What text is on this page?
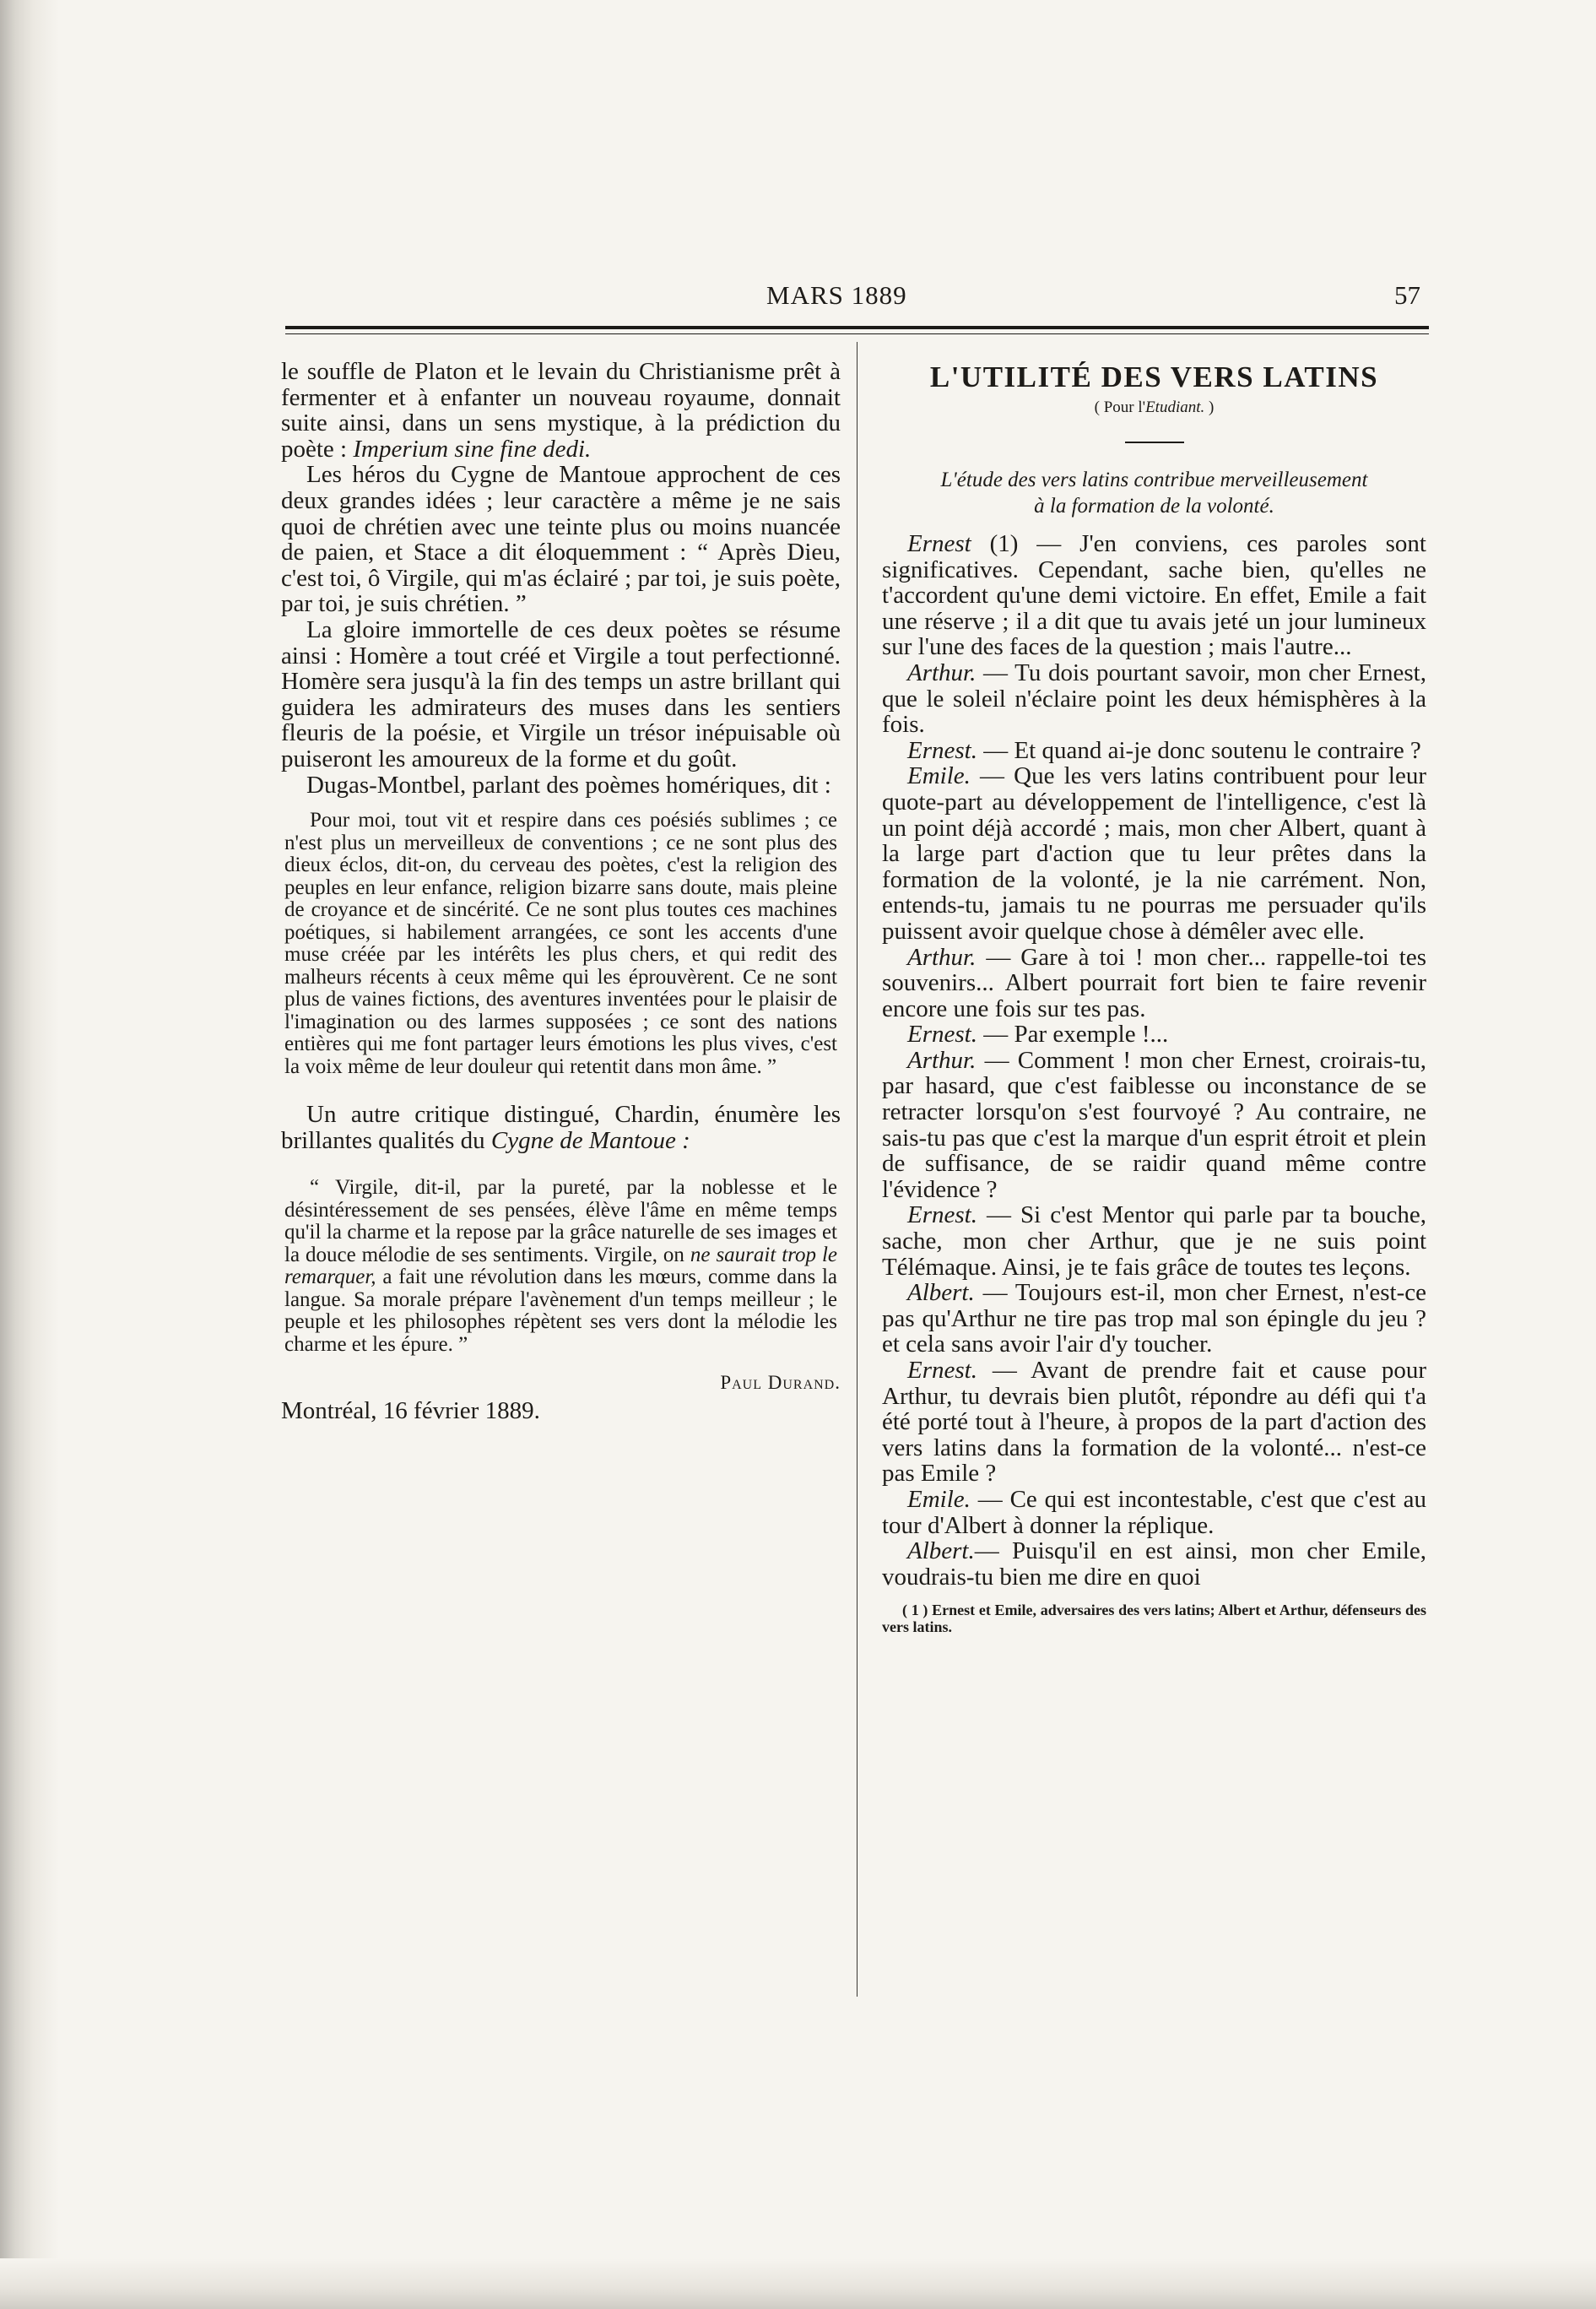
MARS 1889	57

le souffle de Platon et le levain du Christianisme prêt à fermenter et à enfanter un nouveau royaume, donnait suite ainsi, dans un sens mystique, à la prédiction du poète : Imperium sine fine dedi.

Les héros du Cygne de Mantoue approchent de ces deux grandes idées ; leur caractère a même je ne sais quoi de chrétien avec une teinte plus ou moins nuancée de paien, et Stace a dit éloquemment : “ Après Dieu, c'est toi, ô Virgile, qui m'as éclairé ; par toi, je suis poète, par toi, je suis chrétien. ”

La gloire immortelle de ces deux poètes se résume ainsi : Homère a tout créé et Virgile a tout perfectionné. Homère sera jusqu'à la fin des temps un astre brillant qui guidera les admirateurs des muses dans les sentiers fleuris de la poésie, et Virgile un trésor inépuisable où puiseront les amoureux de la forme et du goût.

Dugas-Montbel, parlant des poèmes homériques, dit :

Pour moi, tout vit et respire dans ces poésiés sublimes ; ce n'est plus un merveilleux de conventions ; ce ne sont plus des dieux éclos, dit-on, du cerveau des poètes, c'est la religion des peuples en leur enfance, religion bizarre sans doute, mais pleine de croyance et de sincérité. Ce ne sont plus toutes ces machines poétiques, si habilement arrangées, ce sont les accents d'une muse créée par les intérêts les plus chers, et qui redit des malheurs récents à ceux même qui les éprouvèrent. Ce ne sont plus de vaines fictions, des aventures inventées pour le plaisir de l'imagination ou des larmes supposées ; ce sont des nations entières qui me font partager leurs émotions les plus vives, c'est la voix même de leur douleur qui retentit dans mon âme. ”

Un autre critique distingué, Chardin, énumère les brillantes qualités du Cygne de Mantoue :

“ Virgile, dit-il, par la pureté, par la noblesse et le désintéressement de ses pensées, élève l'âme en même temps qu'il la charme et la repose par la grâce naturelle de ses images et la douce mélodie de ses sentiments. Virgile, on ne saurait trop le remarquer, a fait une révolution dans les mœurs, comme dans la langue. Sa morale prépare l'avènement d'un temps meilleur ; le peuple et les philosophes répètent ses vers dont la mélodie les charme et les épure. ”

Paul Durand.

Montréal, 16 février 1889.

L'UTILITÉ DES VERS LATINS

( Pour l'Etudiant. )

L'étude des vers latins contribue merveilleusement

à la formation de la volonté.

Ernest (1) — J'en conviens, ces paroles sont significatives. Cependant, sache bien, qu'elles ne t'accordent qu'une demi victoire. En effet, Emile a fait une réserve ; il a dit que tu avais jeté un jour lumineux sur l'une des faces de la question ; mais l'autre...

Arthur. — Tu dois pourtant savoir, mon cher Ernest, que le soleil n'éclaire point les deux hémisphères à la fois.

Ernest. — Et quand ai-je donc soutenu le contraire ?

Emile. — Que les vers latins contribuent pour leur quote-part au développement de l'intelligence, c'est là un point déjà accordé ; mais, mon cher Albert, quant à la large part d'action que tu leur prêtes dans la formation de la volonté, je la nie carrément. Non, entends-tu, jamais tu ne pourras me persuader qu'ils puissent avoir quelque chose à démêler avec elle.

Arthur. — Gare à toi ! mon cher... rappelle-toi tes souvenirs... Albert pourrait fort bien te faire revenir encore une fois sur tes pas.

Ernest. — Par exemple !...

Arthur. — Comment ! mon cher Ernest, croirais-tu, par hasard, que c'est faiblesse ou inconstance de se retracter lorsqu'on s'est fourvoyé ? Au contraire, ne sais-tu pas que c'est la marque d'un esprit étroit et plein de suffisance, de se raidir quand même contre l'évidence ?

Ernest. — Si c'est Mentor qui parle par ta bouche, sache, mon cher Arthur, que je ne suis point Télémaque. Ainsi, je te fais grâce de toutes tes leçons.

Albert. — Toujours est-il, mon cher Ernest, n'est-ce pas qu'Arthur ne tire pas trop mal son épingle du jeu ? et cela sans avoir l'air d'y toucher.

Ernest. — Avant de prendre fait et cause pour Arthur, tu devrais bien plutôt, répondre au défi qui t'a été porté tout à l'heure, à propos de la part d'action des vers latins dans la formation de la volonté... n'est-ce pas Emile ?

Emile. — Ce qui est incontestable, c'est que c'est au tour d'Albert à donner la réplique.

Albert.— Puisqu'il en est ainsi, mon cher Emile, voudrais-tu bien me dire en quoi

( 1 ) Ernest et Emile, adversaires des vers latins; Albert et Arthur, défenseurs des vers latins.
